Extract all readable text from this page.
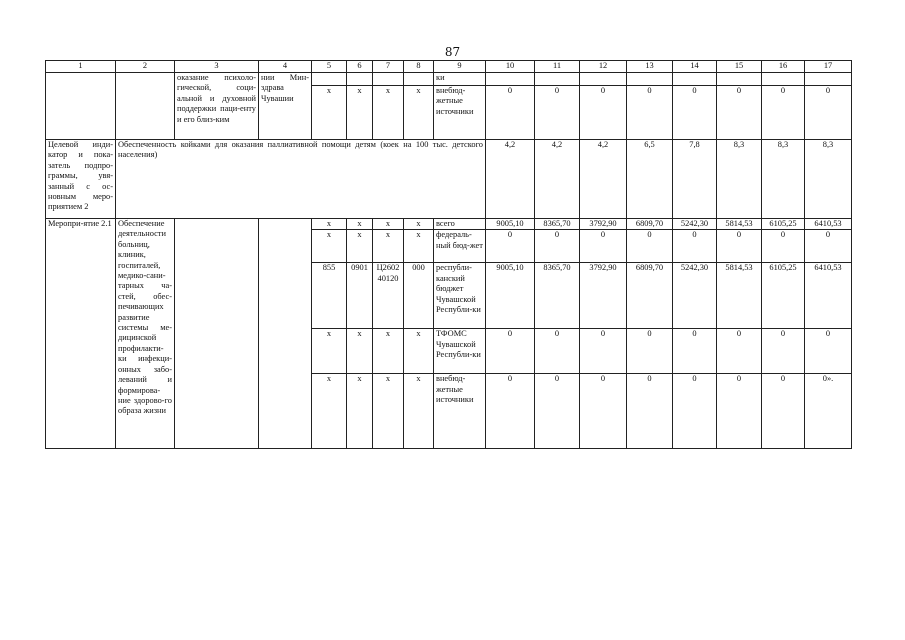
87
1	2	3	4	5	6	7	8	9	10	11	12	13	14	15	16	17
		оказание психоло-гической, соци-альной и духовной поддержки паци-енту и его близ-ким	нии Мин-здрава Чувашии					ки								
				x	x	x	x	внебюд-жетные источники	0	0	0	0	0	0	0	0
Целевой инди-катор и пока-затель подпро-граммы, увя-занный с ос-новным меро-приятием 2	Обеспеченность койками для оказания паллиативной помощи детям (коек на 100 тыс. детского населения)								4,2	4,2	4,2	6,5	7,8	8,3	8,3	8,3
Меропри-ятие 2.1	Обеспечение деятельности больниц, клиник, госпиталей, медико-сани-тарных ча-стей, обес-печивающих развитие системы ме-дицинской профилакти-ки инфекци-онных забо-леваний и формирова-ние здорово-го образа жизни			x	x	x	x	всего	9005,10	8365,70	3792,90	6809,70	5242,30	5814,53	6105,25	6410,53
				x	x	x	x	федераль-ный бюд-жет	0	0	0	0	0	0	0	0
				855	0901	Ц2602 40120	000	республи-канский бюджет Чувашской Республи-ки	9005,10	8365,70	3792,90	6809,70	5242,30	5814,53	6105,25	6410,53
				x	x	x	x	ТФОМС Чувашской Республи-ки	0	0	0	0	0	0	0	0
				x	x	x	x	внебюд-жетные источники	0	0	0	0	0	0	0	0».
